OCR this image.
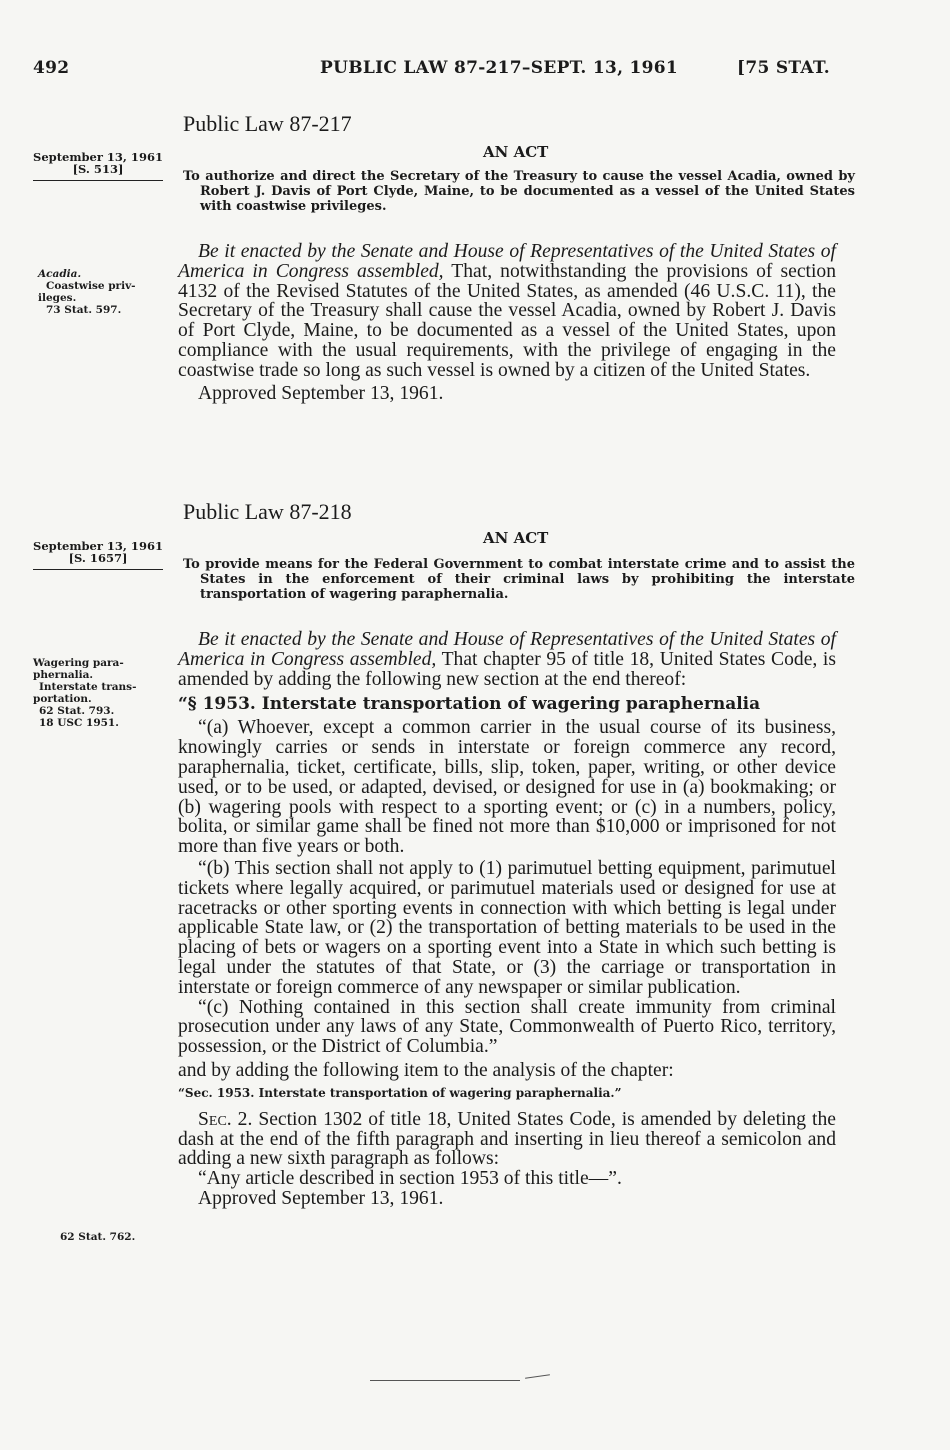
492	PUBLIC LAW 87-217–SEPT. 13, 1961	[75 STAT.
Public Law 87-217
September 13, 1961
[S. 513]
AN ACT
To authorize and direct the Secretary of the Treasury to cause the vessel Acadia, owned by Robert J. Davis of Port Clyde, Maine, to be documented as a vessel of the United States with coastwise privileges.
Acadia.
Coastwise priv-
ileges.
73 Stat. 597.

Be it enacted by the Senate and House of Representatives of the United States of America in Congress assembled, That, notwithstanding the provisions of section 4132 of the Revised Statutes of the United States, as amended (46 U.S.C. 11), the Secretary of the Treasury shall cause the vessel Acadia, owned by Robert J. Davis of Port Clyde, Maine, to be documented as a vessel of the United States, upon compliance with the usual requirements, with the privilege of engaging in the coastwise trade so long as such vessel is owned by a citizen of the United States.

Approved September 13, 1961.

Public Law 87-218
September 13, 1961
[S. 1657]
AN ACT
To provide means for the Federal Government to combat interstate crime and to assist the States in the enforcement of their criminal laws by prohibiting the interstate transportation of wagering paraphernalia.
Wagering para-
phernalia.
Interstate trans-
portation.
62 Stat. 793.
18 USC 1951.

Be it enacted by the Senate and House of Representatives of the United States of America in Congress assembled, That chapter 95 of title 18, United States Code, is amended by adding the following new section at the end thereof:

“§ 1953. Interstate transportation of wagering paraphernalia

“(a) Whoever, except a common carrier in the usual course of its business, knowingly carries or sends in interstate or foreign commerce any record, paraphernalia, ticket, certificate, bills, slip, token, paper, writing, or other device used, or to be used, or adapted, devised, or designed for use in (a) bookmaking; or (b) wagering pools with respect to a sporting event; or (c) in a numbers, policy, bolita, or similar game shall be fined not more than $10,000 or imprisoned for not more than five years or both.

“(b) This section shall not apply to (1) parimutuel betting equipment, parimutuel tickets where legally acquired, or parimutuel materials used or designed for use at racetracks or other sporting events in connection with which betting is legal under applicable State law, or (2) the transportation of betting materials to be used in the placing of bets or wagers on a sporting event into a State in which such betting is legal under the statutes of that State, or (3) the carriage or transportation in interstate or foreign commerce of any newspaper or similar publication.

“(c) Nothing contained in this section shall create immunity from criminal prosecution under any laws of any State, Commonwealth of Puerto Rico, territory, possession, or the District of Columbia.”

and by adding the following item to the analysis of the chapter:

“Sec. 1953. Interstate transportation of wagering paraphernalia.”

Sec. 2. Section 1302 of title 18, United States Code, is amended by deleting the dash at the end of the fifth paragraph and inserting in lieu thereof a semicolon and adding a new sixth paragraph as follows:

“Any article described in section 1953 of this title—”.

Approved September 13, 1961.

62 Stat. 762.
